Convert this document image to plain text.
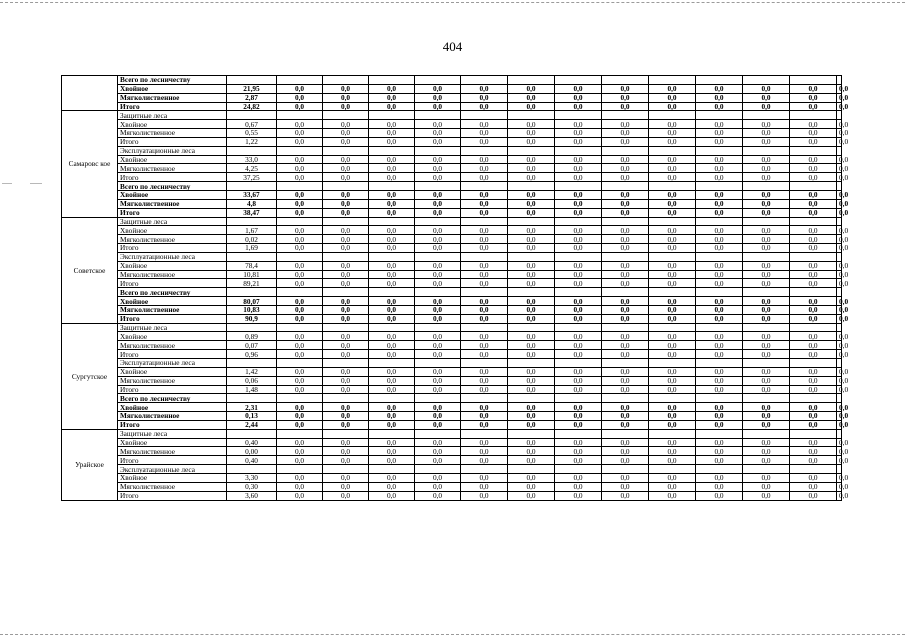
404
	Всего по лесничеству														
	Хвойное	21,95	0,0	0,0	0,0	0,0	0,0	0,0	0,0	0,0	0,0	0,0	0,0	0,0	0,0
	Мягколиственное	2,87	0,0	0,0	0,0	0,0	0,0	0,0	0,0	0,0	0,0	0,0	0,0	0,0	0,0
	Итого	24,82	0,0	0,0	0,0	0,0	0,0	0,0	0,0	0,0	0,0	0,0	0,0	0,0	0,0
Самаровс кое	Защитные леса														
	Хвойное	0,67	0,0	0,0	0,0	0,0	0,0	0,0	0,0	0,0	0,0	0,0	0,0	0,0	0,0
	Мягколиственное	0,55	0,0	0,0	0,0	0,0	0,0	0,0	0,0	0,0	0,0	0,0	0,0	0,0	0,0
	Итого	1,22	0,0	0,0	0,0	0,0	0,0	0,0	0,0	0,0	0,0	0,0	0,0	0,0	0,0
	Эксплуатационные леса														
	Хвойное	33,0	0,0	0,0	0,0	0,0	0,0	0,0	0,0	0,0	0,0	0,0	0,0	0,0	0,0
	Мягколиственное	4,25	0,0	0,0	0,0	0,0	0,0	0,0	0,0	0,0	0,0	0,0	0,0	0,0	0,0
	Итого	37,25	0,0	0,0	0,0	0,0	0,0	0,0	0,0	0,0	0,0	0,0	0,0	0,0	0,0
	Всего по лесничеству														
	Хвойное	33,67	0,0	0,0	0,0	0,0	0,0	0,0	0,0	0,0	0,0	0,0	0,0	0,0	0,0
	Мягколиственное	4,8	0,0	0,0	0,0	0,0	0,0	0,0	0,0	0,0	0,0	0,0	0,0	0,0	0,0
	Итого	38,47	0,0	0,0	0,0	0,0	0,0	0,0	0,0	0,0	0,0	0,0	0,0	0,0	0,0
Советское	Защитные леса														
	Хвойное	1,67	0,0	0,0	0,0	0,0	0,0	0,0	0,0	0,0	0,0	0,0	0,0	0,0	0,0
	Мягколиственное	0,02	0,0	0,0	0,0	0,0	0,0	0,0	0,0	0,0	0,0	0,0	0,0	0,0	0,0
	Итого	1,69	0,0	0,0	0,0	0,0	0,0	0,0	0,0	0,0	0,0	0,0	0,0	0,0	0,0
	Эксплуатационные леса														
	Хвойное	78,4	0,0	0,0	0,0	0,0	0,0	0,0	0,0	0,0	0,0	0,0	0,0	0,0	0,0
	Мягколиственное	10,81	0,0	0,0	0,0	0,0	0,0	0,0	0,0	0,0	0,0	0,0	0,0	0,0	0,0
	Итого	89,21	0,0	0,0	0,0	0,0	0,0	0,0	0,0	0,0	0,0	0,0	0,0	0,0	0,0
	Всего по лесничеству														
	Хвойное	80,07	0,0	0,0	0,0	0,0	0,0	0,0	0,0	0,0	0,0	0,0	0,0	0,0	0,0
	Мягколиственное	10,83	0,0	0,0	0,0	0,0	0,0	0,0	0,0	0,0	0,0	0,0	0,0	0,0	0,0
	Итого	90,9	0,0	0,0	0,0	0,0	0,0	0,0	0,0	0,0	0,0	0,0	0,0	0,0	0,0
Сургутское	Защитные леса														
	Хвойное	0,89	0,0	0,0	0,0	0,0	0,0	0,0	0,0	0,0	0,0	0,0	0,0	0,0	0,0
	Мягколиственное	0,07	0,0	0,0	0,0	0,0	0,0	0,0	0,0	0,0	0,0	0,0	0,0	0,0	0,0
	Итого	0,96	0,0	0,0	0,0	0,0	0,0	0,0	0,0	0,0	0,0	0,0	0,0	0,0	0,0
	Эксплуатационные леса														
	Хвойное	1,42	0,0	0,0	0,0	0,0	0,0	0,0	0,0	0,0	0,0	0,0	0,0	0,0	0,0
	Мягколиственное	0,06	0,0	0,0	0,0	0,0	0,0	0,0	0,0	0,0	0,0	0,0	0,0	0,0	0,0
	Итого	1,48	0,0	0,0	0,0	0,0	0,0	0,0	0,0	0,0	0,0	0,0	0,0	0,0	0,0
	Всего по лесничеству														
	Хвойное	2,31	0,0	0,0	0,0	0,0	0,0	0,0	0,0	0,0	0,0	0,0	0,0	0,0	0,0
	Мягколиственное	0,13	0,0	0,0	0,0	0,0	0,0	0,0	0,0	0,0	0,0	0,0	0,0	0,0	0,0
	Итого	2,44	0,0	0,0	0,0	0,0	0,0	0,0	0,0	0,0	0,0	0,0	0,0	0,0	0,0
Урайское	Защитные леса														
	Хвойное	0,40	0,0	0,0	0,0	0,0	0,0	0,0	0,0	0,0	0,0	0,0	0,0	0,0	0,0
	Мягколиственное	0,00	0,0	0,0	0,0	0,0	0,0	0,0	0,0	0,0	0,0	0,0	0,0	0,0	0,0
	Итого	0,40	0,0	0,0	0,0	0,0	0,0	0,0	0,0	0,0	0,0	0,0	0,0	0,0	0,0
	Эксплуатационные леса														
	Хвойное	3,30	0,0	0,0	0,0	0,0	0,0	0,0	0,0	0,0	0,0	0,0	0,0	0,0	0,0
	Мягколиственное	0,30	0,0	0,0	0,0	0,0	0,0	0,0	0,0	0,0	0,0	0,0	0,0	0,0	0,0
	Итого	3,60	0,0	0,0	0,0	0,0	0,0	0,0	0,0	0,0	0,0	0,0	0,0	0,0	0,0
